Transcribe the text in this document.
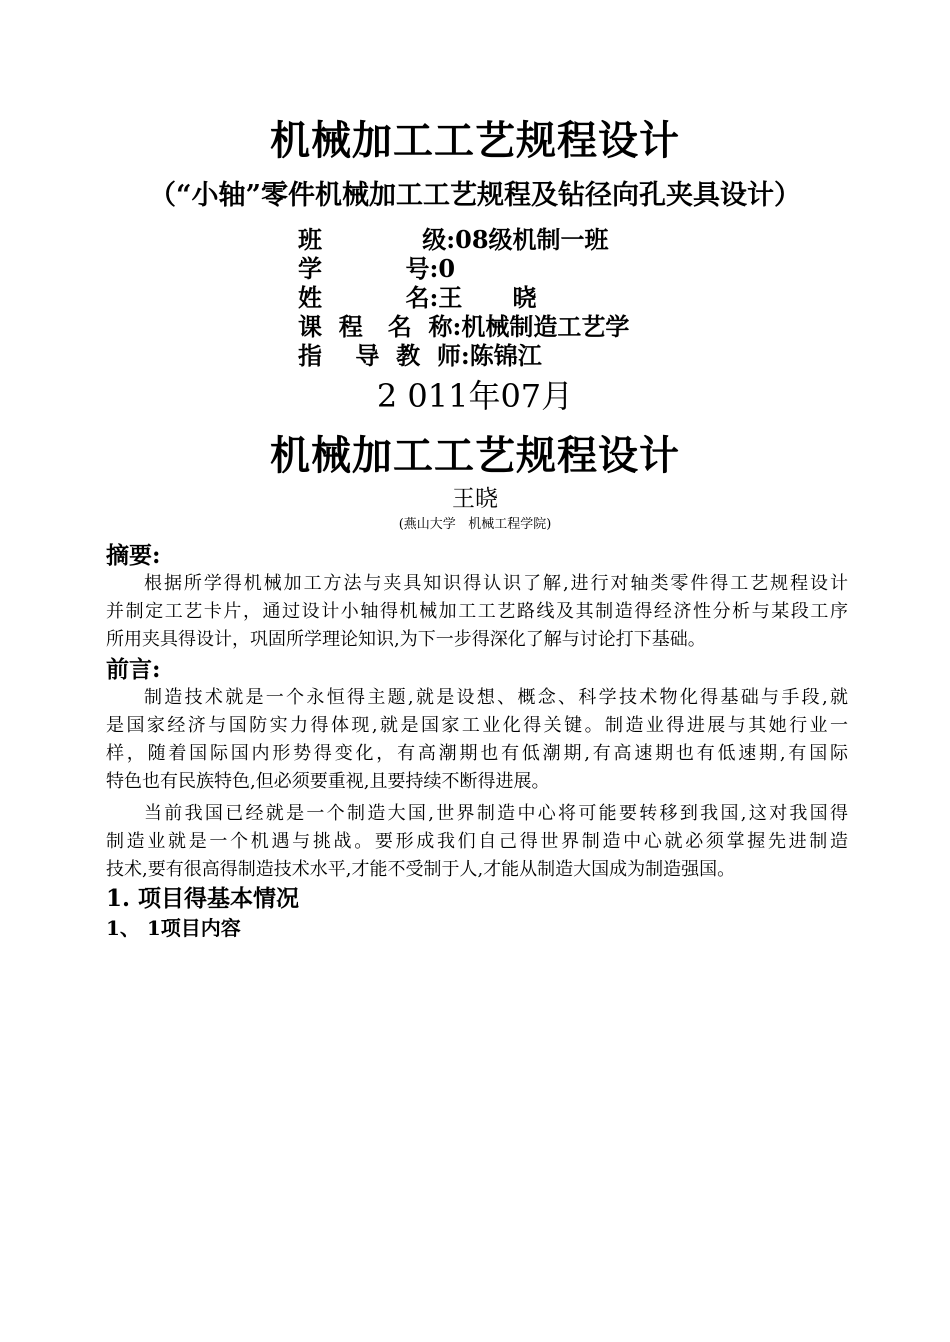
机械加工工艺规程设计
（“小轴”零件机械加工工艺规程及钻径向孔夹具设计）
班            级: 08级机制一班
学          号: 0
姓          名: 王      晓
课  程   名  称: 机械制造工艺学
指    导  教  师: 陈锦江
2 011年07月
机械加工工艺规程设计
王晓
(燕山大学   机械工程学院)
摘要:
根据所学得机械加工方法与夹具知识得认识了解,进行对轴类零件得工艺规程设计
并制定工艺卡片，通过设计小轴得机械加工工艺路线及其制造得经济性分析与某段工序
所用夹具得设计，巩固所学理论知识,为下一步得深化了解与讨论打下基础。
前言:
制造技术就是一个永恒得主题,就是设想、概念、科学技术物化得基础与手段,就
是国家经济与国防实力得体现,就是国家工业化得关键。制造业得进展与其她行业一
样，随着国际国内形势得变化，有高潮期也有低潮期,有高速期也有低速期,有国际
特色也有民族特色,但必须要重视,且要持续不断得进展。
当前我国已经就是一个制造大国,世界制造中心将可能要转移到我国,这对我国得
制造业就是一个机遇与挑战。要形成我们自己得世界制造中心就必须掌握先进制造
技术,要有很高得制造技术水平,才能不受制于人,才能从制造大国成为制造强国。
1. 项目得基本情况
1、 1项目内容
